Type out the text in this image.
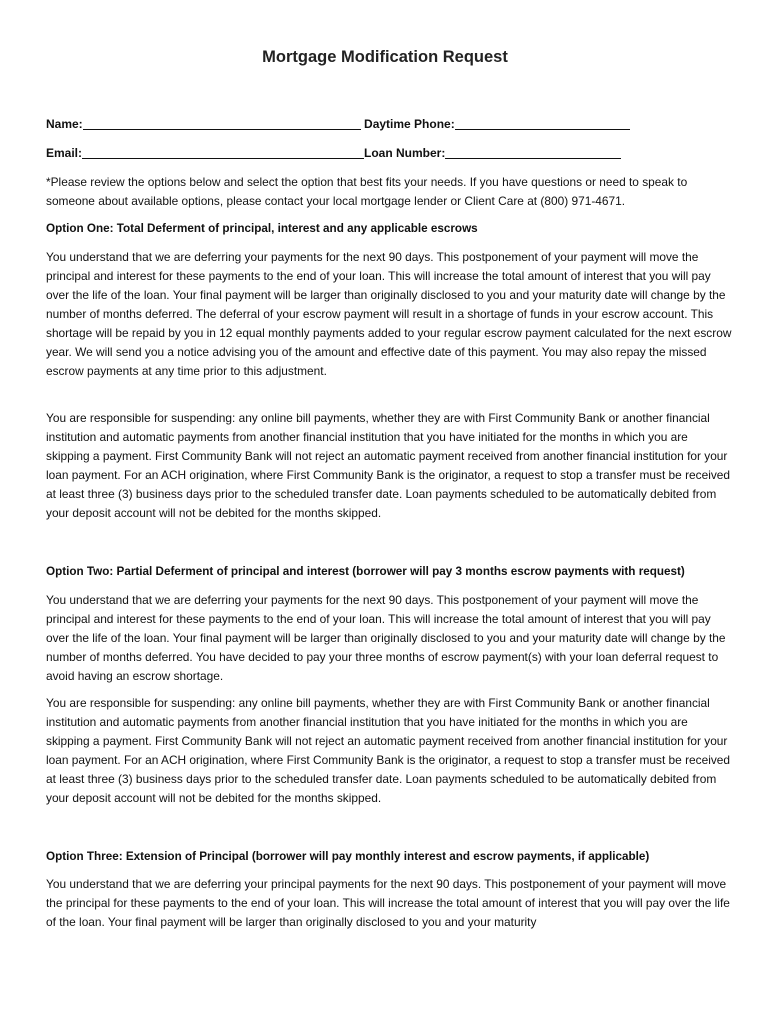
Mortgage Modification Request
Name:	Daytime Phone:
Email:	Loan Number:

*Please review the options below and select the option that best fits your needs. If you have questions or need to speak to someone about available options, please contact your local mortgage lender or Client Care at (800) 971-4671.

Option One: Total Deferment of principal, interest and any applicable escrows

You understand that we are deferring your payments for the next 90 days. This postponement of your payment will move the principal and interest for these payments to the end of your loan. This will increase the total amount of interest that you will pay over the life of the loan. Your final payment will be larger than originally disclosed to you and your maturity date will change by the number of months deferred. The deferral of your escrow payment will result in a shortage of funds in your escrow account. This shortage will be repaid by you in 12 equal monthly payments added to your regular escrow payment calculated for the next escrow year. We will send you a notice advising you of the amount and effective date of this payment. You may also repay the missed escrow payments at any time prior to this adjustment.

You are responsible for suspending: any online bill payments, whether they are with First Community Bank or another financial institution and automatic payments from another financial institution that you have initiated for the months in which you are skipping a payment. First Community Bank will not reject an automatic payment received from another financial institution for your loan payment. For an ACH origination, where First Community Bank is the originator, a request to stop a transfer must be received at least three (3) business days prior to the scheduled transfer date. Loan payments scheduled to be automatically debited from your deposit account will not be debited for the months skipped.

Option Two: Partial Deferment of principal and interest (borrower will pay 3 months escrow payments with request)

You understand that we are deferring your payments for the next 90 days. This postponement of your payment will move the principal and interest for these payments to the end of your loan. This will increase the total amount of interest that you will pay over the life of the loan. Your final payment will be larger than originally disclosed to you and your maturity date will change by the number of months deferred. You have decided to pay your three months of escrow payment(s) with your loan deferral request to avoid having an escrow shortage.

You are responsible for suspending: any online bill payments, whether they are with First Community Bank or another financial institution and automatic payments from another financial institution that you have initiated for the months in which you are skipping a payment. First Community Bank will not reject an automatic payment received from another financial institution for your loan payment. For an ACH origination, where First Community Bank is the originator, a request to stop a transfer must be received at least three (3) business days prior to the scheduled transfer date. Loan payments scheduled to be automatically debited from your deposit account will not be debited for the months skipped.

Option Three: Extension of Principal (borrower will pay monthly interest and escrow payments, if applicable)

You understand that we are deferring your principal payments for the next 90 days. This postponement of your payment will move the principal for these payments to the end of your loan. This will increase the total amount of interest that you will pay over the life of the loan. Your final payment will be larger than originally disclosed to you and your maturity
